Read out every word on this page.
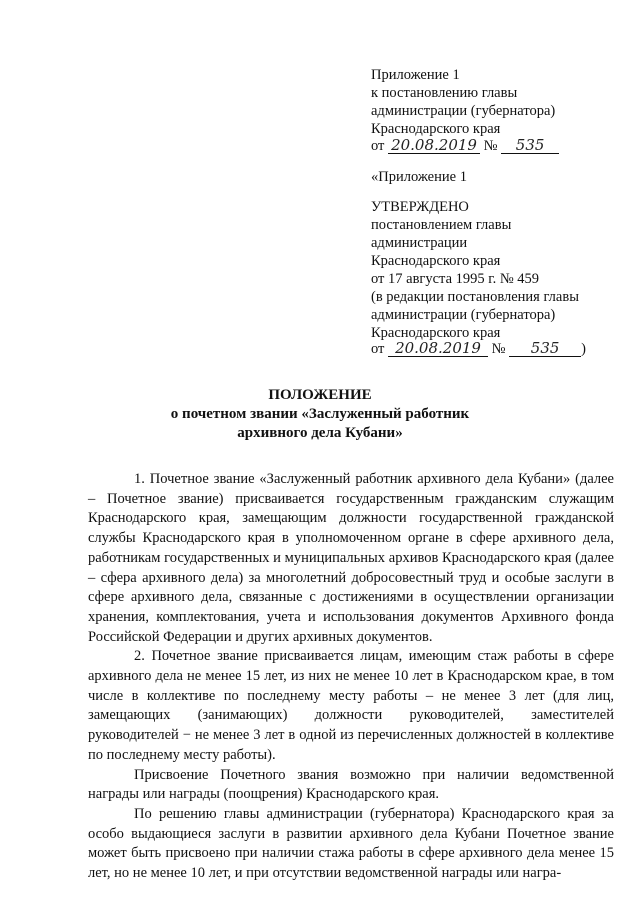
Приложение 1
к постановлению главы
администрации (губернатора)
Краснодарского края
от 20.08.2019 № 535
«Приложение 1
УТВЕРЖДЕНО
постановлением главы
администрации
Краснодарского края
от 17 августа 1995 г. № 459
(в редакции постановления главы
администрации (губернатора)
Краснодарского края
от 20.08.2019 № 535 )
ПОЛОЖЕНИЕ
о почетном звании «Заслуженный работник
архивного дела Кубани»

1. Почетное звание «Заслуженный работник архивного дела Кубани» (далее – Почетное звание) присваивается государственным гражданским служащим Краснодарского края, замещающим должности государственной гражданской службы Краснодарского края в уполномоченном органе в сфере архивного дела, работникам государственных и муниципальных архивов Краснодарского края (далее – сфера архивного дела) за многолетний добросовестный труд и особые заслуги в сфере архивного дела, связанные с достижениями в осуществлении организации хранения, комплектования, учета и использования документов Архивного фонда Российской Федерации и других архивных документов.

2. Почетное звание присваивается лицам, имеющим стаж работы в сфере архивного дела не менее 15 лет, из них не менее 10 лет в Краснодарском крае, в том числе в коллективе по последнему месту работы – не менее 3 лет (для лиц, замещающих (занимающих) должности руководителей, заместителей руководителей − не менее 3 лет в одной из перечисленных должностей в коллективе по последнему месту работы).

Присвоение Почетного звания возможно при наличии ведомственной награды или награды (поощрения) Краснодарского края.

По решению главы администрации (губернатора) Краснодарского края за особо выдающиеся заслуги в развитии архивного дела Кубани Почетное звание может быть присвоено при наличии стажа работы в сфере архивного дела менее 15 лет, но не менее 10 лет, и при отсутствии ведомственной награды или награ-
